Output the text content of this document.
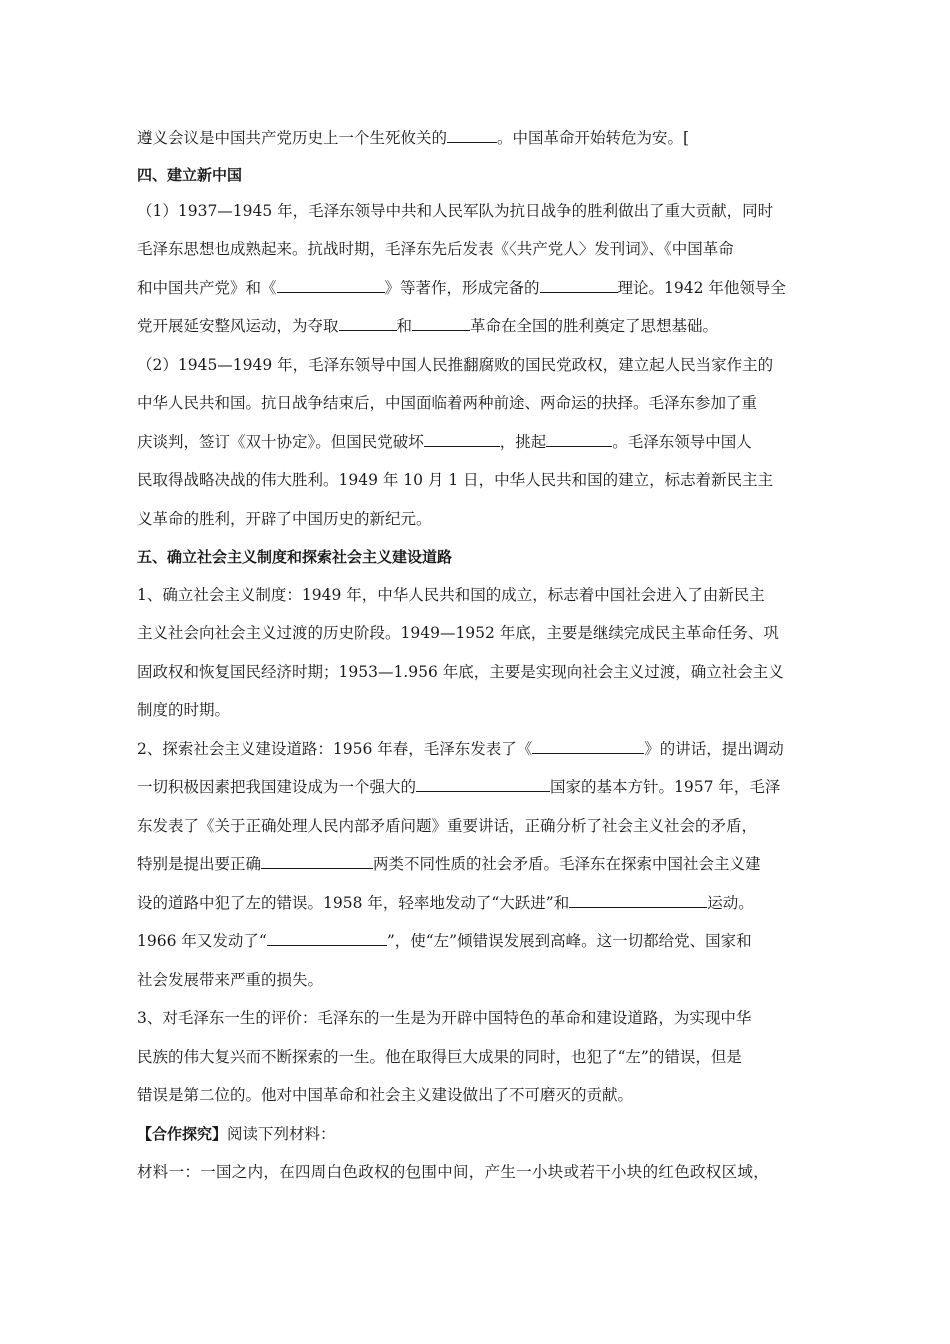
遵义会议是中国共产党历史上一个生死攸关的	。中国革命开始转危为安。[
四、建立新中国
（1）1937—1945 年，毛泽东领导中共和人民军队为抗日战争的胜利做出了重大贡献，同时
毛泽东思想也成熟起来。抗战时期，毛泽东先后发表《〈共产党人〉发刊词》、《中国革命
和中国共产党》和《	》等著作，形成完备的	理论。1942 年他领导全
党开展延安整风运动，为夺取	和	革命在全国的胜利奠定了思想基础。
（2）1945—1949 年，毛泽东领导中国人民推翻腐败的国民党政权，建立起人民当家作主的
中华人民共和国。抗日战争结束后，中国面临着两种前途、两命运的抉择。毛泽东参加了重
庆谈判，签订《双十协定》。但国民党破坏	，挑起	。毛泽东领导中国人
民取得战略决战的伟大胜利。1949 年 10 月 1 日，中华人民共和国的建立，标志着新民主主
义革命的胜利，开辟了中国历史的新纪元。
五、确立社会主义制度和探索社会主义建设道路
1、确立社会主义制度：1949 年，中华人民共和国的成立，标志着中国社会进入了由新民主
主义社会向社会主义过渡的历史阶段。1949—1952 年底，主要是继续完成民主革命任务、巩
固政权和恢复国民经济时期；1953—1.956 年底，主要是实现向社会主义过渡，确立社会主义
制度的时期。
2、探索社会主义建设道路：1956 年春，毛泽东发表了《	》的讲话，提出调动
一切积极因素把我国建设成为一个强大的	国家的基本方针。1957 年，毛泽
东发表了《关于正确处理人民内部矛盾问题》重要讲话，正确分析了社会主义社会的矛盾，
特别是提出要正确	两类不同性质的社会矛盾。毛泽东在探索中国社会主义建
设的道路中犯了左的错误。1958 年，轻率地发动了“大跃进”和	运动。
1966 年又发动了“	”，使“左”倾错误发展到高峰。这一切都给党、国家和
社会发展带来严重的损失。
3、对毛泽东一生的评价：毛泽东的一生是为开辟中国特色的革命和建设道路，为实现中华
民族的伟大复兴而不断探索的一生。他在取得巨大成果的同时，也犯了“左”的错误，但是
错误是第二位的。他对中国革命和社会主义建设做出了不可磨灭的贡献。
【合作探究】阅读下列材料：
材料一：一国之内，在四周白色政权的包围中间，产生一小块或若干小块的红色政权区域，
